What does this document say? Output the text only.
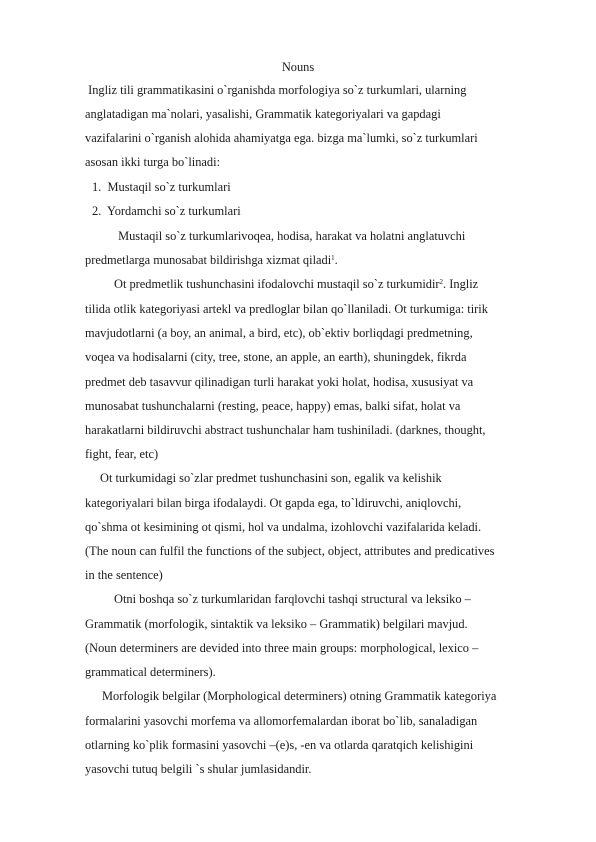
Nouns
Ingliz tili grammatikasini o`rganishda morfologiya so`z turkumlari, ularning
anglatadigan ma`nolari, yasalishi, Grammatik kategoriyalari va gapdagi
vazifalarini o`rganish alohida ahamiyatga ega. bizga ma`lumki, so`z turkumlari
asosan ikki turga bo`linadi:
1.  Mustaqil so`z turkumlari
2.  Yordamchi so`z turkumlari
Mustaqil so`z turkumlarivoqea, hodisa, harakat va holatni anglatuvchi
predmetlarga munosabat bildirishga xizmat qiladi$^1$.
Ot predmetlik tushunchasini ifodalovchi mustaqil so`z turkumidir$^2$. Ingliz
tilida otlik kategoriyasi artekl va predloglar bilan qo`llaniladi. Ot turkumiga: tirik
mavjudotlarni (a boy, an animal, a bird, etc), ob`ektiv borliqdagi predmetning,
voqea va hodisalarni (city, tree, stone, an apple, an earth), shuningdek, fikrda
predmet deb tasavvur qilinadigan turli harakat yoki holat, hodisa, xususiyat va
munosabat tushunchalarni (resting, peace, happy) emas, balki sifat, holat va
harakatlarni bildiruvchi abstract tushunchalar ham tushiniladi. (darknes, thought,
fight, fear, etc)
Ot turkumidagi so`zlar predmet tushunchasini son, egalik va kelishik
kategoriyalari bilan birga ifodalaydi. Ot gapda ega, to`ldiruvchi, aniqlovchi,
qo`shma ot kesimining ot qismi, hol va undalma, izohlovchi vazifalarida keladi.
(The noun can fulfil the functions of the subject, object, attributes and predicatives
in the sentence)
Otni boshqa so`z turkumlaridan farqlovchi tashqi structural va leksiko –
Grammatik (morfologik, sintaktik va leksiko – Grammatik) belgilari mavjud.
(Noun determiners are devided into three main groups: morphological, lexico –
grammatical determiners).
Morfologik belgilar (Morphological determiners) otning Grammatik kategoriya
formalarini yasovchi morfema va allomorfemalardan iborat bo`lib, sanaladigan
otlarning ko`plik formasini yasovchi –(e)s, -en va otlarda qaratqich kelishigini
yasovchi tutuq belgili `s shular jumlasidandir.
